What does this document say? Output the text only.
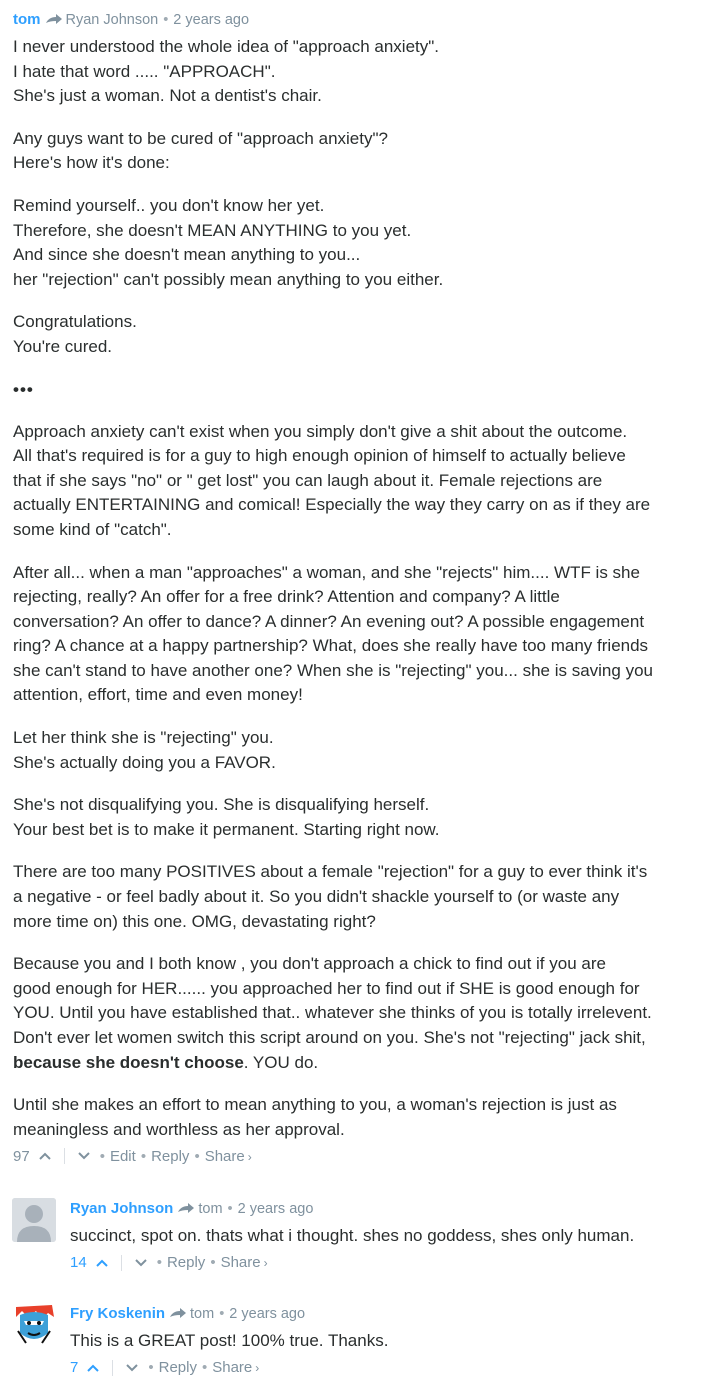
tom Ryan Johnson • 2 years ago

I never understood the whole idea of "approach anxiety".
I hate that word ..... "APPROACH".
She's just a woman. Not a dentist's chair.

Any guys want to be cured of "approach anxiety"?
Here's how it's done:

Remind yourself.. you don't know her yet.
Therefore, she doesn't MEAN ANYTHING to you yet.
And since she doesn't mean anything to you...
her "rejection" can't possibly mean anything to you either.

Congratulations.
You're cured.

•••

Approach anxiety can't exist when you simply don't give a shit about the outcome.
All that's required is for a guy to high enough opinion of himself to actually believe
that if she says "no" or " get lost" you can laugh about it. Female rejections are
actually ENTERTAINING and comical! Especially the way they carry on as if they are
some kind of "catch".

After all... when a man "approaches" a woman, and she "rejects" him.... WTF is she
rejecting, really? An offer for a free drink? Attention and company? A little
conversation? An offer to dance? A dinner? An evening out? A possible engagement
ring? A chance at a happy partnership? What, does she really have too many friends
she can't stand to have another one? When she is "rejecting" you... she is saving you
attention, effort, time and even money!

Let her think she is "rejecting" you.
She's actually doing you a FAVOR.

She's not disqualifying you. She is disqualifying herself.
Your best bet is to make it permanent. Starting right now.

There are too many POSITIVES about a female "rejection" for a guy to ever think it's
a negative - or feel badly about it. So you didn't shackle yourself to (or waste any
more time on) this one. OMG, devastating right?

Because you and I both know , you don't approach a chick to find out if you are
good enough for HER...... you approached her to find out if SHE is good enough for
YOU. Until you have established that.. whatever she thinks of you is totally irrelevent.
Don't ever let women switch this script around on you. She's not "rejecting" jack shit,
because she doesn't choose. YOU do.

Until she makes an effort to mean anything to you, a woman's rejection is just as
meaningless and worthless as her approval.

97	• Edit • Reply • Share ›
Ryan Johnson tom • 2 years ago

succinct, spot on. thats what i thought. shes no goddess, shes only human.

14	• Reply • Share ›
Fry Koskenin tom • 2 years ago

This is a GREAT post! 100% true. Thanks.

7	• Reply • Share ›
